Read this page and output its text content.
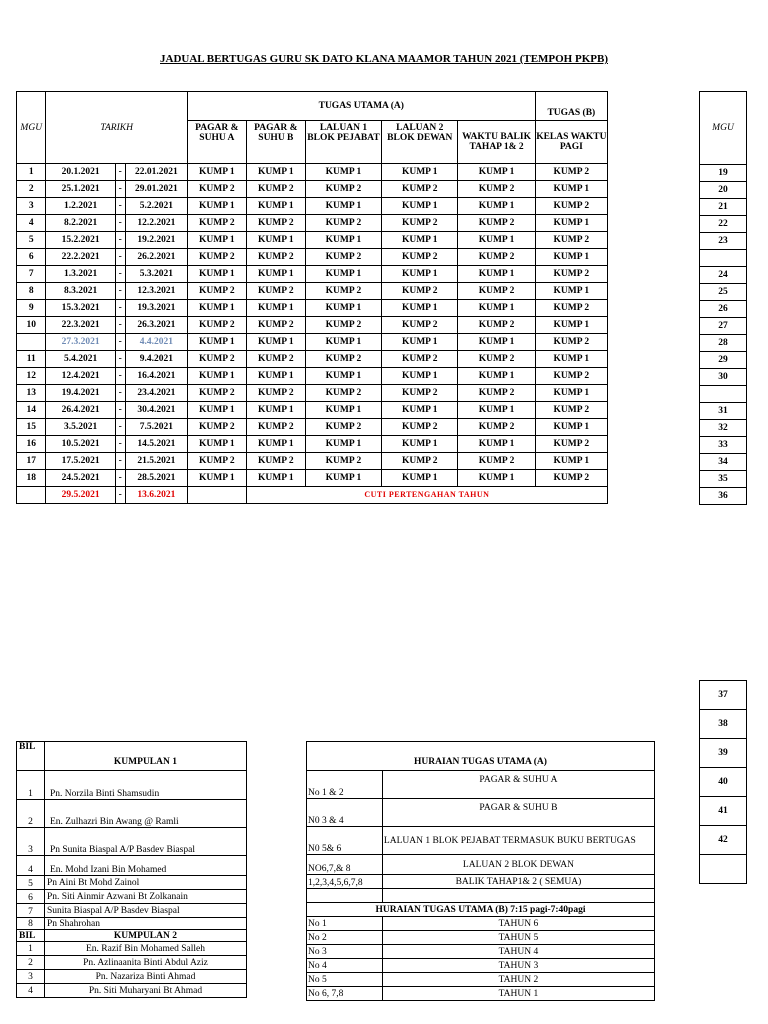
JADUAL BERTUGAS GURU SK DATO KLANA MAAMOR TAHUN 2021 (TEMPOH PKPB)
MGU	TARIKH			TUGAS UTAMA (A)					TUGAS (B)
				PAGAR & SUHU A	PAGAR & SUHU B	LALUAN 1 BLOK PEJABAT	LALUAN 2 BLOK DEWAN	WAKTU BALIK TAHAP 1& 2	KELAS WAKTU PAGI
1	20.1.2021	-	22.01.2021	KUMP 1	KUMP 1	KUMP 1	KUMP 1	KUMP 1	KUMP 2
2	25.1.2021	-	29.01.2021	KUMP 2	KUMP 2	KUMP 2	KUMP 2	KUMP 2	KUMP 1
3	1.2.2021	-	5.2.2021	KUMP 1	KUMP 1	KUMP 1	KUMP 1	KUMP 1	KUMP 2
4	8.2.2021	-	12.2.2021	KUMP 2	KUMP 2	KUMP 2	KUMP 2	KUMP 2	KUMP 1
5	15.2.2021	-	19.2.2021	KUMP 1	KUMP 1	KUMP 1	KUMP 1	KUMP 1	KUMP 2
6	22.2.2021	-	26.2.2021	KUMP 2	KUMP 2	KUMP 2	KUMP 2	KUMP 2	KUMP 1
7	1.3.2021	-	5.3.2021	KUMP 1	KUMP 1	KUMP 1	KUMP 1	KUMP 1	KUMP 2
8	8.3.2021	-	12.3.2021	KUMP 2	KUMP 2	KUMP 2	KUMP 2	KUMP 2	KUMP 1
9	15.3.2021	-	19.3.2021	KUMP 1	KUMP 1	KUMP 1	KUMP 1	KUMP 1	KUMP 2
10	22.3.2021	-	26.3.2021	KUMP 2	KUMP 2	KUMP 2	KUMP 2	KUMP 2	KUMP 1
	27.3.2021	-	4.4.2021	KUMP 1	KUMP 1	KUMP 1	KUMP 1	KUMP 1	KUMP 2
11	5.4.2021	-	9.4.2021	KUMP 2	KUMP 2	KUMP 2	KUMP 2	KUMP 2	KUMP 1
12	12.4.2021	-	16.4.2021	KUMP 1	KUMP 1	KUMP 1	KUMP 1	KUMP 1	KUMP 2
13	19.4.2021	-	23.4.2021	KUMP 2	KUMP 2	KUMP 2	KUMP 2	KUMP 2	KUMP 1
14	26.4.2021	-	30.4.2021	KUMP 1	KUMP 1	KUMP 1	KUMP 1	KUMP 1	KUMP 2
15	3.5.2021	-	7.5.2021	KUMP 2	KUMP 2	KUMP 2	KUMP 2	KUMP 2	KUMP 1
16	10.5.2021	-	14.5.2021	KUMP 1	KUMP 1	KUMP 1	KUMP 1	KUMP 1	KUMP 2
17	17.5.2021	-	21.5.2021	KUMP 2	KUMP 2	KUMP 2	KUMP 2	KUMP 2	KUMP 1
18	24.5.2021	-	28.5.2021	KUMP 1	KUMP 1	KUMP 1	KUMP 1	KUMP 1	KUMP 2
	29.5.2021	-	13.6.2021		CUTI PERTENGAHAN TAHUN				
MGU
19
20
21
22
23

24
25
26
27
28
29
30

31
32
33
34
35
36
37
38
39
40
41
42

BIL	KUMPULAN 1
1	Pn. Norzila Binti Shamsudin
2	En. Zulhazri Bin Awang @ Ramli
3	Pn Sunita Biaspal A/P Basdev Biaspal
4	En. Mohd Izani Bin Mohamed
5	Pn Aini Bt Mohd Zainol
6	Pn. Siti Ainmir Azwani Bt Zolkanain
7	Sunita Biaspal A/P Basdev Biaspal
8	Pn Shahrohan
BIL	KUMPULAN 2
1	En. Razif Bin Mohamed Salleh
2	Pn. Azlinaanita Binti Abdul Aziz
3	Pn. Nazariza Binti Ahmad
4	Pn. Siti Muharyani Bt Ahmad
HURAIAN TUGAS UTAMA (A)	
No 1 & 2	PAGAR & SUHU A
N0 3 & 4	PAGAR & SUHU B
N0 5& 6	LALUAN 1 BLOK PEJABAT TERMASUK BUKU BERTUGAS
NO6,7,& 8	LALUAN 2 BLOK DEWAN
1,2,3,4,5,6,7,8	BALIK TAHAP1& 2 ( SEMUA)

HURAIAN TUGAS UTAMA (B) 7:15 pagi-7:40pagi	
No 1	TAHUN 6
No 2	TAHUN 5
No 3	TAHUN 4
No 4	TAHUN 3
No 5	TAHUN 2
No 6, 7,8	TAHUN 1
